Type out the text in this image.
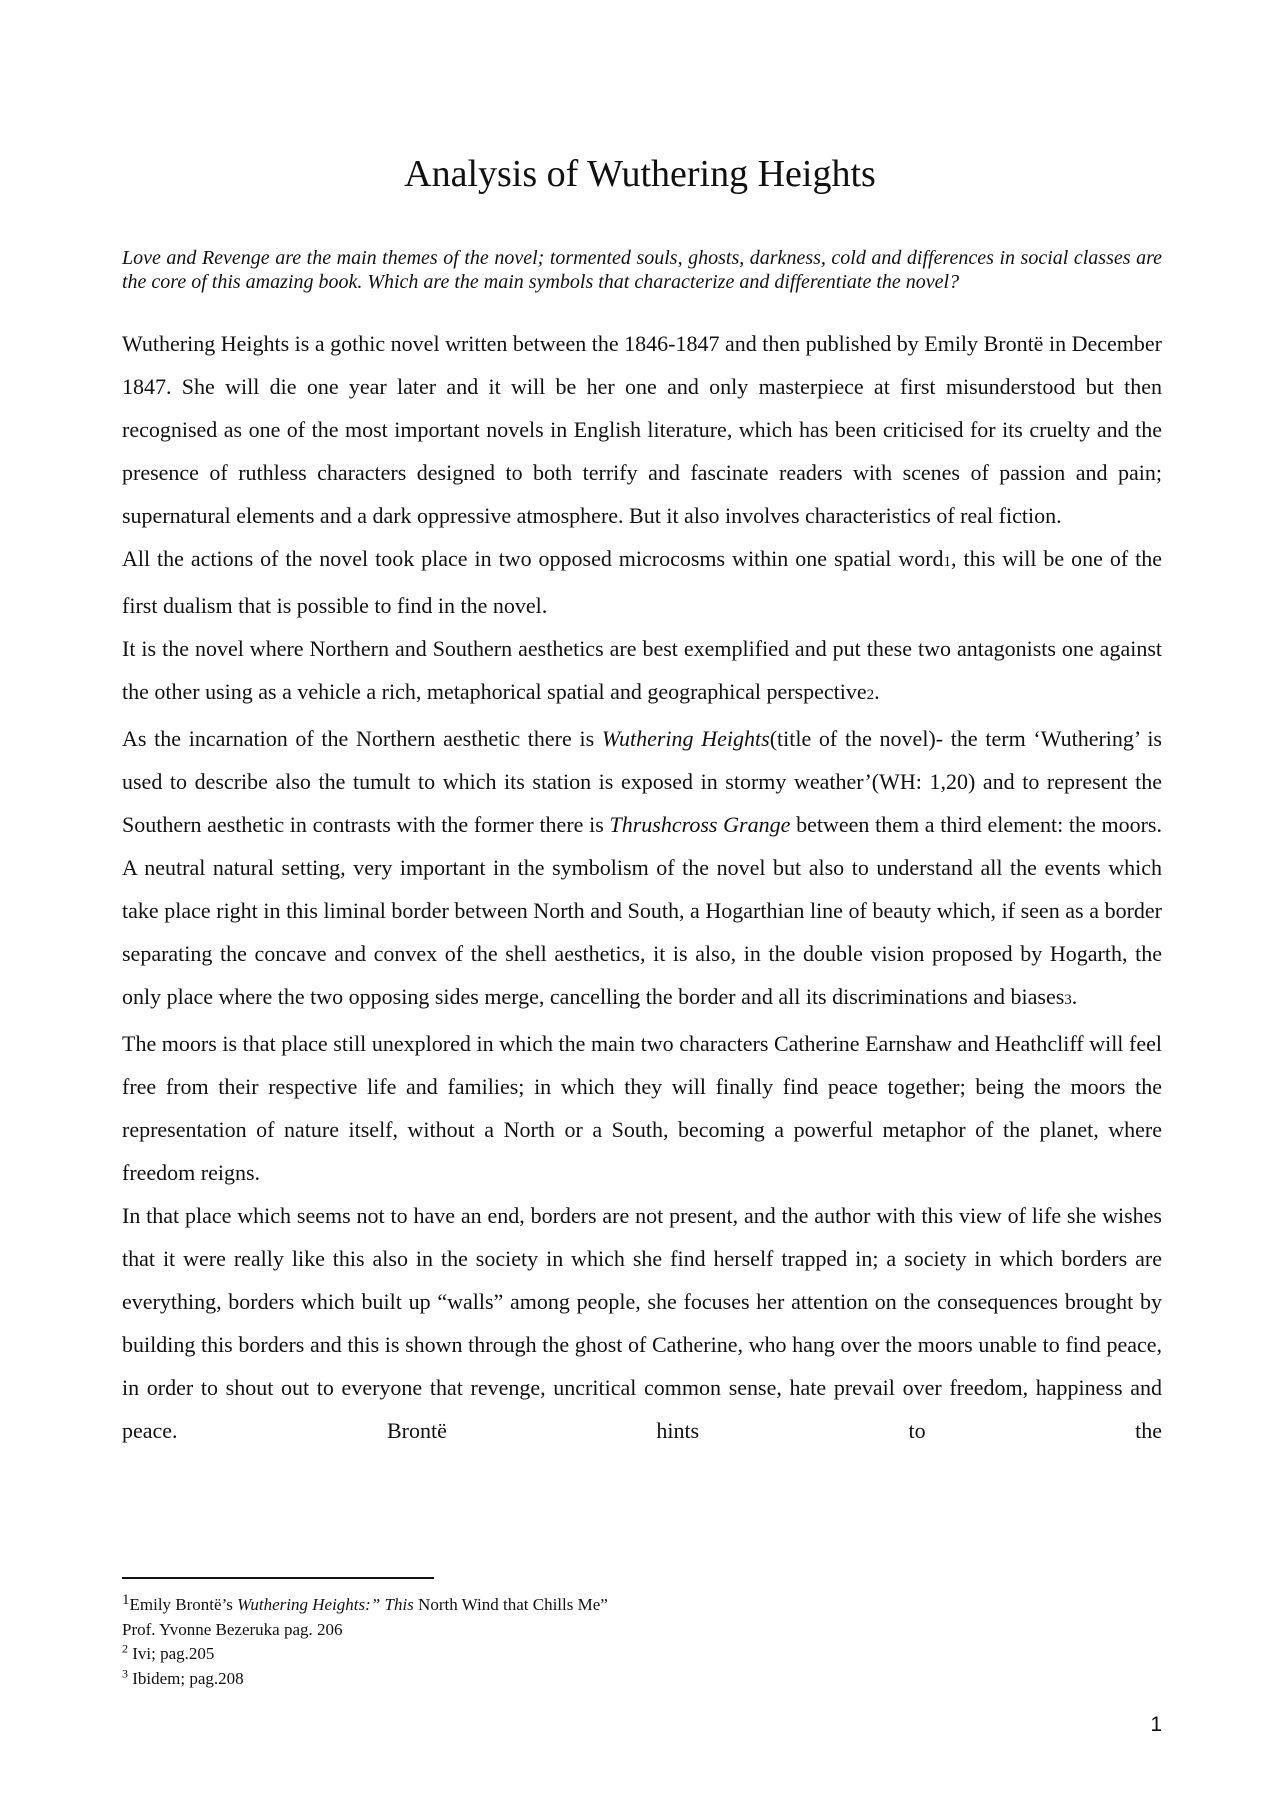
Analysis of Wuthering Heights

Love and Revenge are the main themes of the novel; tormented souls, ghosts, darkness, cold and differences in social classes are the core of this amazing book. Which are the main symbols that characterize and differentiate the novel?

Wuthering Heights is a gothic novel written between the 1846-1847 and then published by Emily Brontë in December 1847. She will die one year later and it will be her one and only masterpiece at first misunderstood but then recognised as one of the most important novels in English literature, which has been criticised for its cruelty and the presence of ruthless characters designed to both terrify and fascinate readers with scenes of passion and pain; supernatural elements and a dark oppressive atmosphere. But it also involves characteristics of real fiction.

All the actions of the novel took place in two opposed microcosms within one spatial word1, this will be one of the first dualism that is possible to find in the novel.

It is the novel where Northern and Southern aesthetics are best exemplified and put these two antagonists one against the other using as a vehicle a rich, metaphorical spatial and geographical perspective2.

As the incarnation of the Northern aesthetic there is Wuthering Heights(title of the novel)- the term ‘Wuthering’ is used to describe also the tumult to which its station is exposed in stormy weather’(WH: 1,20) and to represent the Southern aesthetic in contrasts with the former there is Thrushcross Grange between them a third element: the moors. A neutral natural setting, very important in the symbolism of the novel but also to understand all the events which take place right in this liminal border between North and South, a Hogarthian line of beauty which, if seen as a border separating the concave and convex of the shell aesthetics, it is also, in the double vision proposed by Hogarth, the only place where the two opposing sides merge, cancelling the border and all its discriminations and biases3.

The moors is that place still unexplored in which the main two characters Catherine Earnshaw and Heathcliff will feel free from their respective life and families; in which they will finally find peace together; being the moors the representation of nature itself, without a North or a South, becoming a powerful metaphor of the planet, where freedom reigns.

In that place which seems not to have an end, borders are not present, and the author with this view of life she wishes that it were really like this also in the society in which she find herself trapped in; a society in which borders are everything, borders which built up “walls” among people, she focuses her attention on the consequences brought by building this borders and this is shown through the ghost of Catherine, who hang over the moors unable to find peace, in order to shout out to everyone that revenge, uncritical common sense, hate prevail over freedom, happiness and peace. Brontë hints to the

1Emily Brontë’s Wuthering Heights:” This North Wind that Chills Me”
Prof. Yvonne Bezeruka pag. 206
$^2$ Ivi; pag.205
$^3$ Ibidem; pag.208
1
